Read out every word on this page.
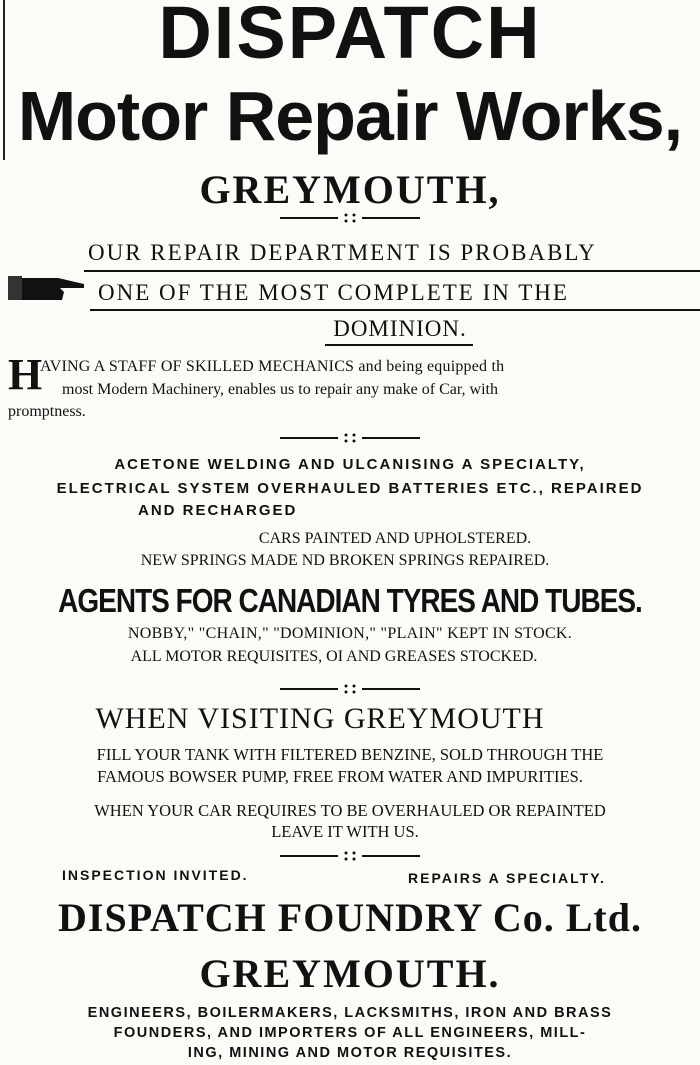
DISPATCH
Motor Repair Works,
GREYMOUTH,
OUR REPAIR DEPARTMENT IS PROBABLY
ONE OF THE MOST COMPLETE IN THE
DOMINION.
H
AVING A STAFF OF SKILLED MECHANICS and being equipped th
most Modern Machinery, enables us to repair any make of Car, with
promptness.
ACETONE WELDING AND ULCANISING A SPECIALTY,
ELECTRICAL SYSTEM OVERHAULED BATTERIES ETC., REPAIRED
AND RECHARGED
CARS PAINTED AND UPHOLSTERED.
NEW SPRINGS MADE ND BROKEN SPRINGS REPAIRED.
AGENTS FOR CANADIAN TYRES AND TUBES.
NOBBY," "CHAIN," "DOMINION," "PLAIN" KEPT IN STOCK.
ALL MOTOR REQUISITES, OI AND GREASES STOCKED.
WHEN VISITING GREYMOUTH
FILL YOUR TANK WITH FILTERED BENZINE, SOLD THROUGH THE
FAMOUS BOWSER PUMP, FREE FROM WATER AND IMPURITIES.
WHEN YOUR CAR REQUIRES TO BE OVERHAULED OR REPAINTED
LEAVE IT WITH US.
INSPECTION INVITED.	REPAIRS A SPECIALTY.
DISPATCH FOUNDRY Co. Ltd.
GREYMOUTH.
ENGINEERS, BOILERMAKERS, LACKSMITHS, IRON AND BRASS
FOUNDERS, AND IMPORTERS OF ALL ENGINEERS, MILL-
ING, MINING AND MOTOR REQUISITES.
